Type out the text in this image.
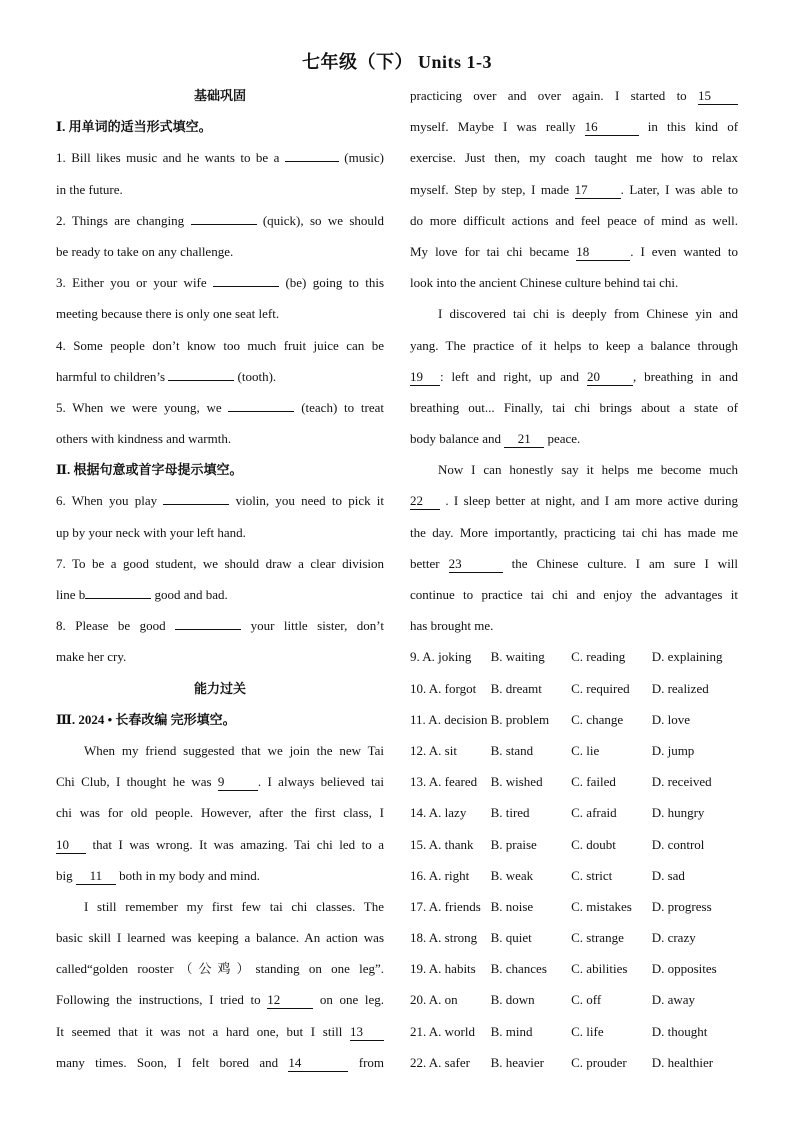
七年级（下） Units 1-3
基础巩固
Ⅰ. 用单词的适当形式填空。
1. Bill likes music and he wants to be a	(music)
in the future.
2. Things are changing	(quick), so we should
be ready to take on any challenge.
3. Either you or your wife	(be) going to this
meeting because there is only one seat left.
4. Some people don’t know too much fruit juice can be
harmful to children’s	(tooth).
5. When we were young, we	(teach) to treat
others with kindness and warmth.
Ⅱ. 根据句意或首字母提示填空。
6. When you play	violin, you need to pick it
up by your neck with your left hand.
7. To be a good student, we should draw a clear division
line b	good and bad.
8. Please be good	your little sister, don’t
make her cry.
能力过关
Ⅲ. 2024 • 长春改编 完形填空。
When my friend suggested that we join the new Tai
Chi Club, I thought he was 9	. I always believed tai
chi was for old people. However, after the first class, I
10 that I was wrong. It was amazing. Tai chi led to a
big 11 both in my body and mind.
I still remember my first few tai chi classes. The
basic skill I learned was keeping a balance. An action was
called“golden rooster（公鸡）standing on one leg”.
Following the instructions, I tried to 12	on one leg.
It seemed that it was not a hard one, but I still 13
many times. Soon, I felt bored and 14	from
practicing over and over again. I started to 15
myself. Maybe I was really 16	in this kind of
exercise. Just then, my coach taught me how to relax
myself. Step by step, I made 17	. Later, I was able to
do more difficult actions and feel peace of mind as well.
My love for tai chi became 18	. I even wanted to
look into the ancient Chinese culture behind tai chi.
I discovered tai chi is deeply from Chinese yin and
yang. The practice of it helps to keep a balance through
19 : left and right, up and 20	, breathing in and
breathing out... Finally, tai chi brings about a state of
body balance and 21 peace.
Now I can honestly say it helps me become much
22 . I sleep better at night, and I am more active during
the day. More importantly, practicing tai chi has made me
better 23	the Chinese culture. I am sure I will
continue to practice tai chi and enjoy the advantages it
has brought me.
9. A. joking	B. waiting	C. reading	D. explaining
10. A. forgot	B. dreamt	C. required	D. realized
11. A. decision B. problem	C. change	D. love
12. A. sit	B. stand	C. lie	D. jump
13. A. feared	B. wished	C. failed	D. received
14. A. lazy	B. tired	C. afraid	D. hungry
15. A. thank	B. praise	C. doubt	D. control
16. A. right	B. weak	C. strict	D. sad
17. A. friends B. noise	C. mistakes	D. progress
18. A. strong	B. quiet	C. strange	D. crazy
19. A. habits	B. chances	C. abilities	D. opposites
20. A. on	B. down	C. off	D. away
21. A. world	B. mind	C. life	D. thought
22. A. safer	B. heavier	C. prouder	D. healthier
